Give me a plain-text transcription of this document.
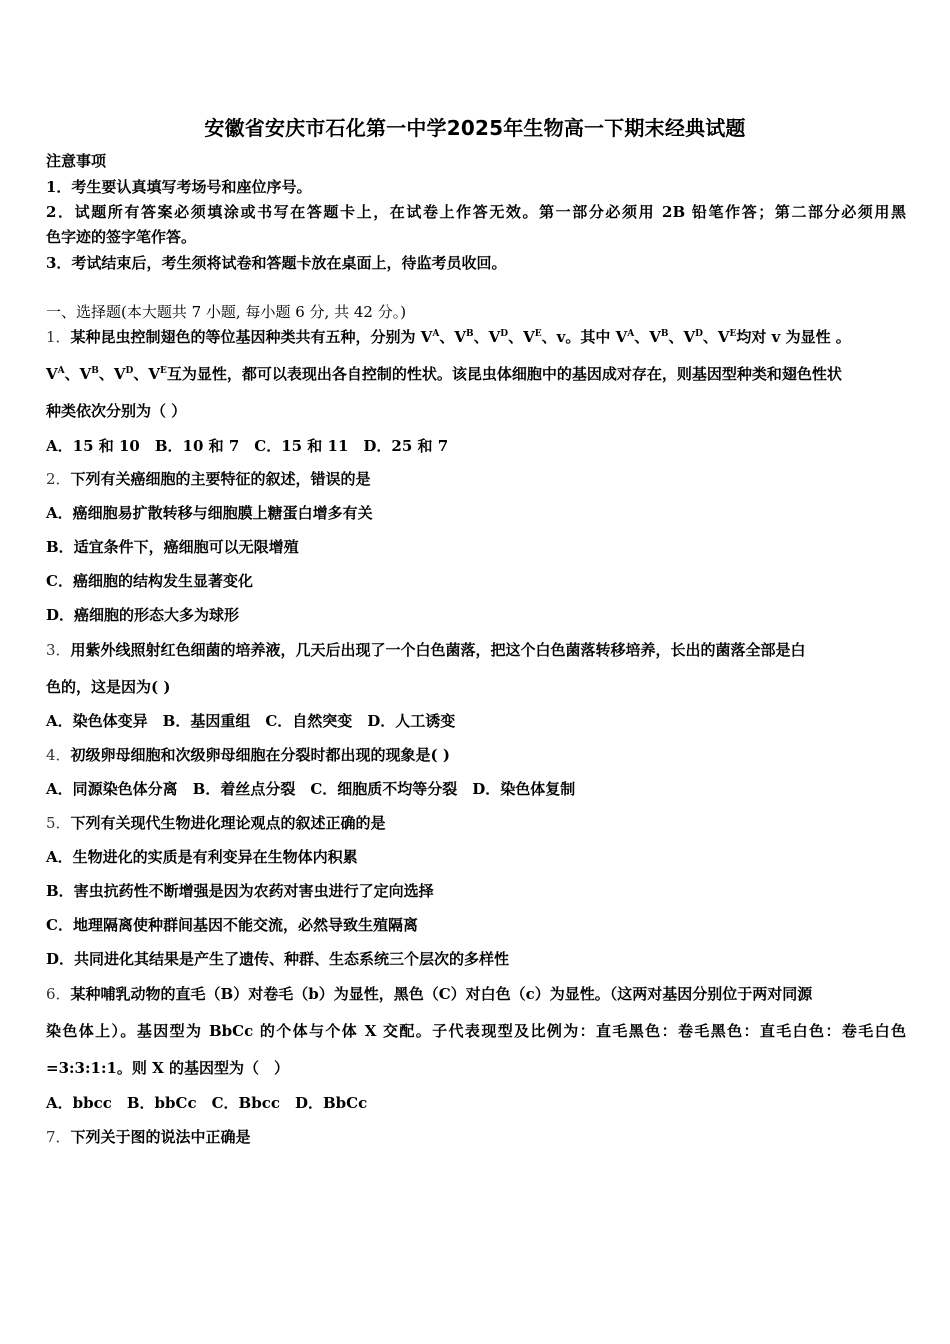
安徽省安庆市石化第一中学2025年生物高一下期末经典试题
注意事项
1．考生要认真填写考场号和座位序号。
2．试题所有答案必须填涂或书写在答题卡上，在试卷上作答无效。第一部分必须用 2B 铅笔作答；第二部分必须用黑
色字迹的签字笔作答。
3．考试结束后，考生须将试卷和答题卡放在桌面上，待监考员收回。
一、选择题(本大题共 7 小题, 每小题 6 分, 共 42 分。)
1．某种昆虫控制翅色的等位基因种类共有五种，分别为 $V^A$、$V^B$、$V^D$、$V^E$、v。其中 $V^A$、$V^B$、$V^D$、$V^E$均对 v 为显性 。
$V^A$、$V^B$、$V^D$、$V^E$互为显性，都可以表现出各自控制的性状。该昆虫体细胞中的基因成对存在，则基因型种类和翅色性状
种类依次分别为（ ）
A．15 和 10　B．10 和 7　C．15 和 11　D．25 和 7
2．下列有关癌细胞的主要特征的叙述，错误的是
A．癌细胞易扩散转移与细胞膜上糖蛋白增多有关
B．适宜条件下，癌细胞可以无限增殖
C．癌细胞的结构发生显著变化
D．癌细胞的形态大多为球形
3．用紫外线照射红色细菌的培养液，几天后出现了一个白色菌落，把这个白色菌落转移培养，长出的菌落全部是白
色的，这是因为( )
A．染色体变异　B．基因重组　C．自然突变　D．人工诱变
4．初级卵母细胞和次级卵母细胞在分裂时都出现的现象是( )
A．同源染色体分离　B．着丝点分裂　C．细胞质不均等分裂　D．染色体复制
5．下列有关现代生物进化理论观点的叙述正确的是
A．生物进化的实质是有利变异在生物体内积累
B．害虫抗药性不断增强是因为农药对害虫进行了定向选择
C．地理隔离使种群间基因不能交流，必然导致生殖隔离
D．共同进化其结果是产生了遗传、种群、生态系统三个层次的多样性
6．某种哺乳动物的直毛（B）对卷毛（b）为显性，黑色（C）对白色（c）为显性。（这两对基因分别位于两对同源
染色体上）。基因型为 BbCc 的个体与个体 X 交配。子代表现型及比例为：直毛黑色：卷毛黑色：直毛白色：卷毛白色
=3:3:1:1。则 X 的基因型为（　）
A．bbcc　B．bbCc　C．Bbcc　D．BbCc
7．下列关于图的说法中正确是
